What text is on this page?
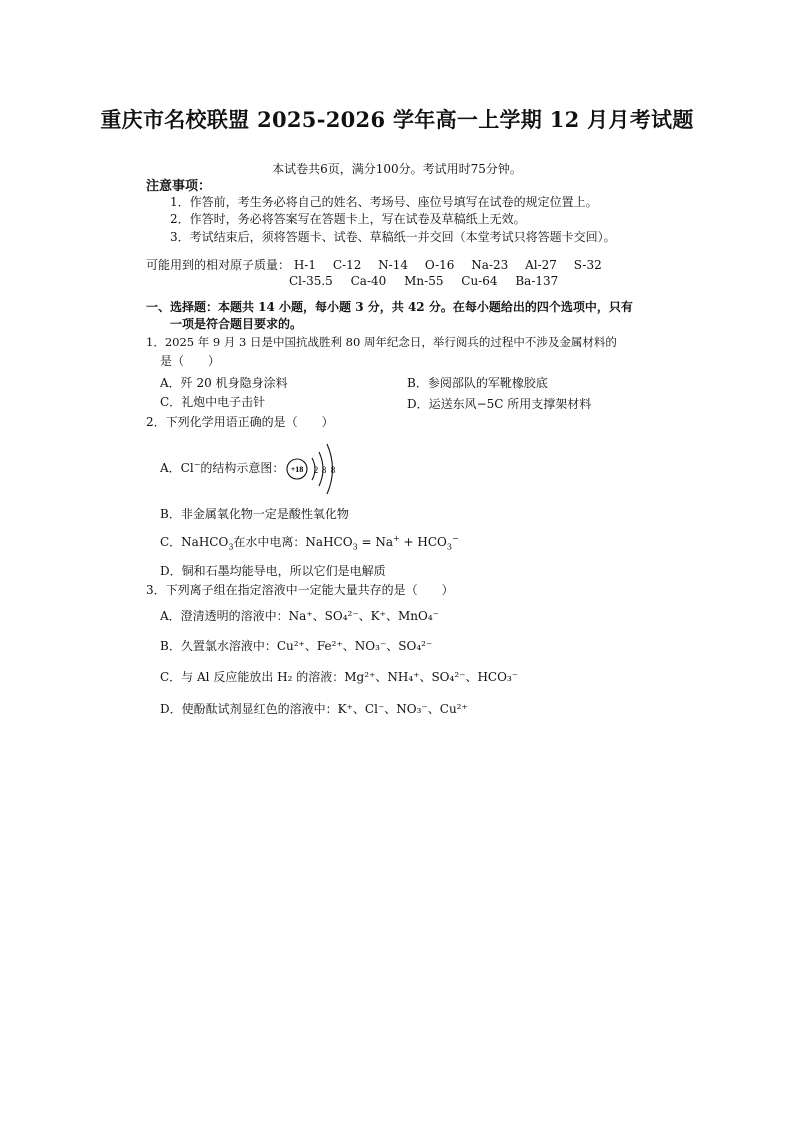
重庆市名校联盟 2025-2026 学年高一上学期 12 月月考试题
本试卷共6页，满分100分。考试用时75分钟。
注意事项：
1．作答前，考生务必将自己的姓名、考场号、座位号填写在试卷的规定位置上。
2．作答时，务必将答案写在答题卡上，写在试卷及草稿纸上无效。
3．考试结束后，须将答题卡、试卷、草稿纸一并交回（本堂考试只将答题卡交回）。
可能用到的相对原子质量： H-1 C-12 N-14 O-16 Na-23 Al-27 S-32
Cl-35.5 Ca-40 Mn-55 Cu-64 Ba-137
一、选择题：本题共 14 小题，每小题 3 分，共 42 分。在每小题给出的四个选项中，只有
一项是符合题目要求的。
1．2025 年 9 月 3 日是中国抗战胜利 80 周年纪念日，举行阅兵的过程中不涉及金属材料的
是（　　）
A．歼 20 机身隐身涂料	B．参阅部队的军靴橡胶底
C．礼炮中电子击针	D．运送东风−5C 所用支撑架材料
2．下列化学用语正确的是（　　）
A．Cl−的结构示意图： +18 2 8 8
B．非金属氧化物一定是酸性氧化物
C．NaHCO$_3$在水中电离：NaHCO$_3$ = $Na^+ + HCO_3^-$
D．铜和石墨均能导电，所以它们是电解质
3．下列离子组在指定溶液中一定能大量共存的是（　　）
A．澄清透明的溶液中：Na⁺、SO₄²⁻、K⁺、MnO₄⁻
B．久置氯水溶液中：Cu²⁺、Fe²⁺、NO₃⁻、SO₄²⁻
C．与 Al 反应能放出 H₂ 的溶液：Mg²⁺、NH₄⁺、SO₄²⁻、HCO₃⁻
D．使酚酞试剂显红色的溶液中：K⁺、Cl⁻、NO₃⁻、Cu²⁺
